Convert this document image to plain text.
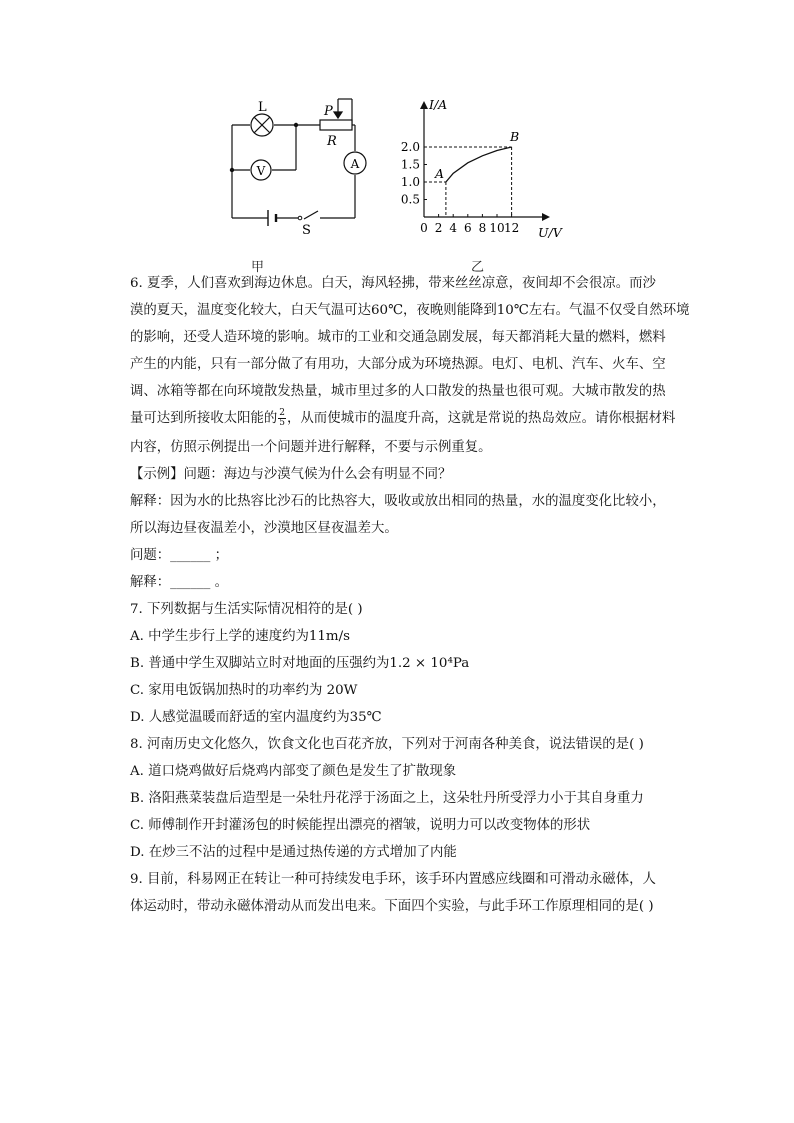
V	A
L	P
R
S	0 2 4 6 8 10 12
2.0
1.5
1.0
0.5
I/A
U/V
A
B
甲	乙
6. 夏季，人们喜欢到海边休息。白天，海风轻拂，带来丝丝凉意，夜间却不会很凉。而沙
漠的夏天，温度变化较大，白天气温可达60℃，夜晚则能降到10℃左右。气温不仅受自然环境
的影响，还受人造环境的影响。城市的工业和交通急剧发展，每天都消耗大量的燃料，燃料
产生的内能，只有一部分做了有用功，大部分成为环境热源。电灯、电机、汽车、火车、空
调、冰箱等都在向环境散发热量，城市里过多的人口散发的热量也很可观。大城市散发的热
量可达到所接收太阳能的 $\frac{2}{5}$ ，从而使城市的温度升高，这就是常说的热岛效应。请你根据材料
内容，仿照示例提出一个问题并进行解释，不要与示例重复。
【示例】问题：海边与沙漠气候为什么会有明显不同？
解释：因为水的比热容比沙石的比热容大，吸收或放出相同的热量，水的温度变化比较小，
所以海边昼夜温差小，沙漠地区昼夜温差大。
问题：______ ；
解释：______ 。
7. 下列数据与生活实际情况相符的是( )
A. 中学生步行上学的速度约为11m/s
B. 普通中学生双脚站立时对地面的压强约为1.2 × 10⁴Pa
C. 家用电饭锅加热时的功率约为 20W
D. 人感觉温暖而舒适的室内温度约为35℃
8. 河南历史文化悠久，饮食文化也百花齐放，下列对于河南各种美食，说法错误的是( )
A. 道口烧鸡做好后烧鸡内部变了颜色是发生了扩散现象
B. 洛阳燕菜装盘后造型是一朵牡丹花浮于汤面之上，这朵牡丹所受浮力小于其自身重力
C. 师傅制作开封灌汤包的时候能捏出漂亮的褶皱，说明力可以改变物体的形状
D. 在炒三不沾的过程中是通过热传递的方式增加了内能
9. 目前，科易网正在转让一种可持续发电手环，该手环内置感应线圈和可滑动永磁体，人
体运动时，带动永磁体滑动从而发出电来。下面四个实验，与此手环工作原理相同的是( )
